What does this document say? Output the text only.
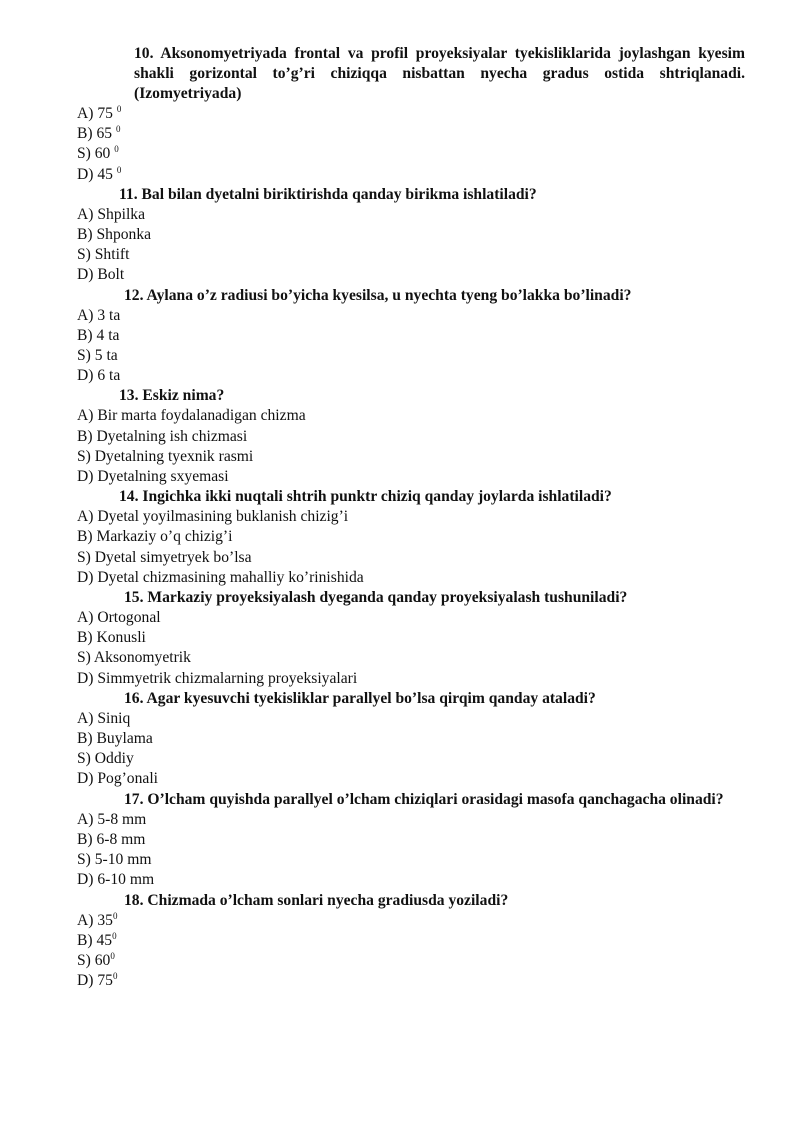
10. Aksonomyetriyada frontal va profil proyeksiyalar tyekisliklarida joylashgan kyesim shakli gorizontal to’g’ri chiziqqa nisbattan nyecha gradus ostida shtriqlanadi. (Izomyetriyada)
A) 75 $^0$
B) 65 $^0$
S) 60 $^0$
D) 45 $^0$
11. Bal bilan dyetalni biriktirishda qanday birikma ishlatiladi?
A) Shpilka
B) Shponka
S) Shtift
D) Bolt
12. Aylana o’z radiusi bo’yicha kyesilsa, u nyechta tyeng bo’lakka bo’linadi?
A) 3 ta
B) 4 ta
S) 5 ta
D) 6 ta
13. Eskiz nima?
A) Bir marta foydalanadigan chizma
B) Dyetalning ish chizmasi
S) Dyetalning tyexnik rasmi
D) Dyetalning sxyemasi
14. Ingichka ikki nuqtali shtrih punktr chiziq qanday joylarda ishlatiladi?
A) Dyetal yoyilmasining buklanish chizig’i
B) Markaziy o’q chizig’i
S) Dyetal simyetryek bo’lsa
D) Dyetal chizmasining mahalliy ko’rinishida
15. Markaziy proyeksiyalash dyeganda qanday proyeksiyalash tushuniladi?
A) Ortogonal
B) Konusli
S) Aksonomyetrik
D) Simmyetrik chizmalarning proyeksiyalari
16. Agar kyesuvchi tyekisliklar parallyel bo’lsa qirqim qanday ataladi?
A) Siniq
B) Buylama
S) Oddiy
D) Pog’onali
17. O’lcham quyishda parallyel o’lcham chiziqlari orasidagi masofa qanchagacha olinadi?
A) 5-8 mm
B) 6-8 mm
S) 5-10 mm
D) 6-10 mm
18. Chizmada o’lcham sonlari nyecha gradiusda yoziladi?
A) $35^0$
B) $45^0$
S) $60^0$
D) $75^0$
